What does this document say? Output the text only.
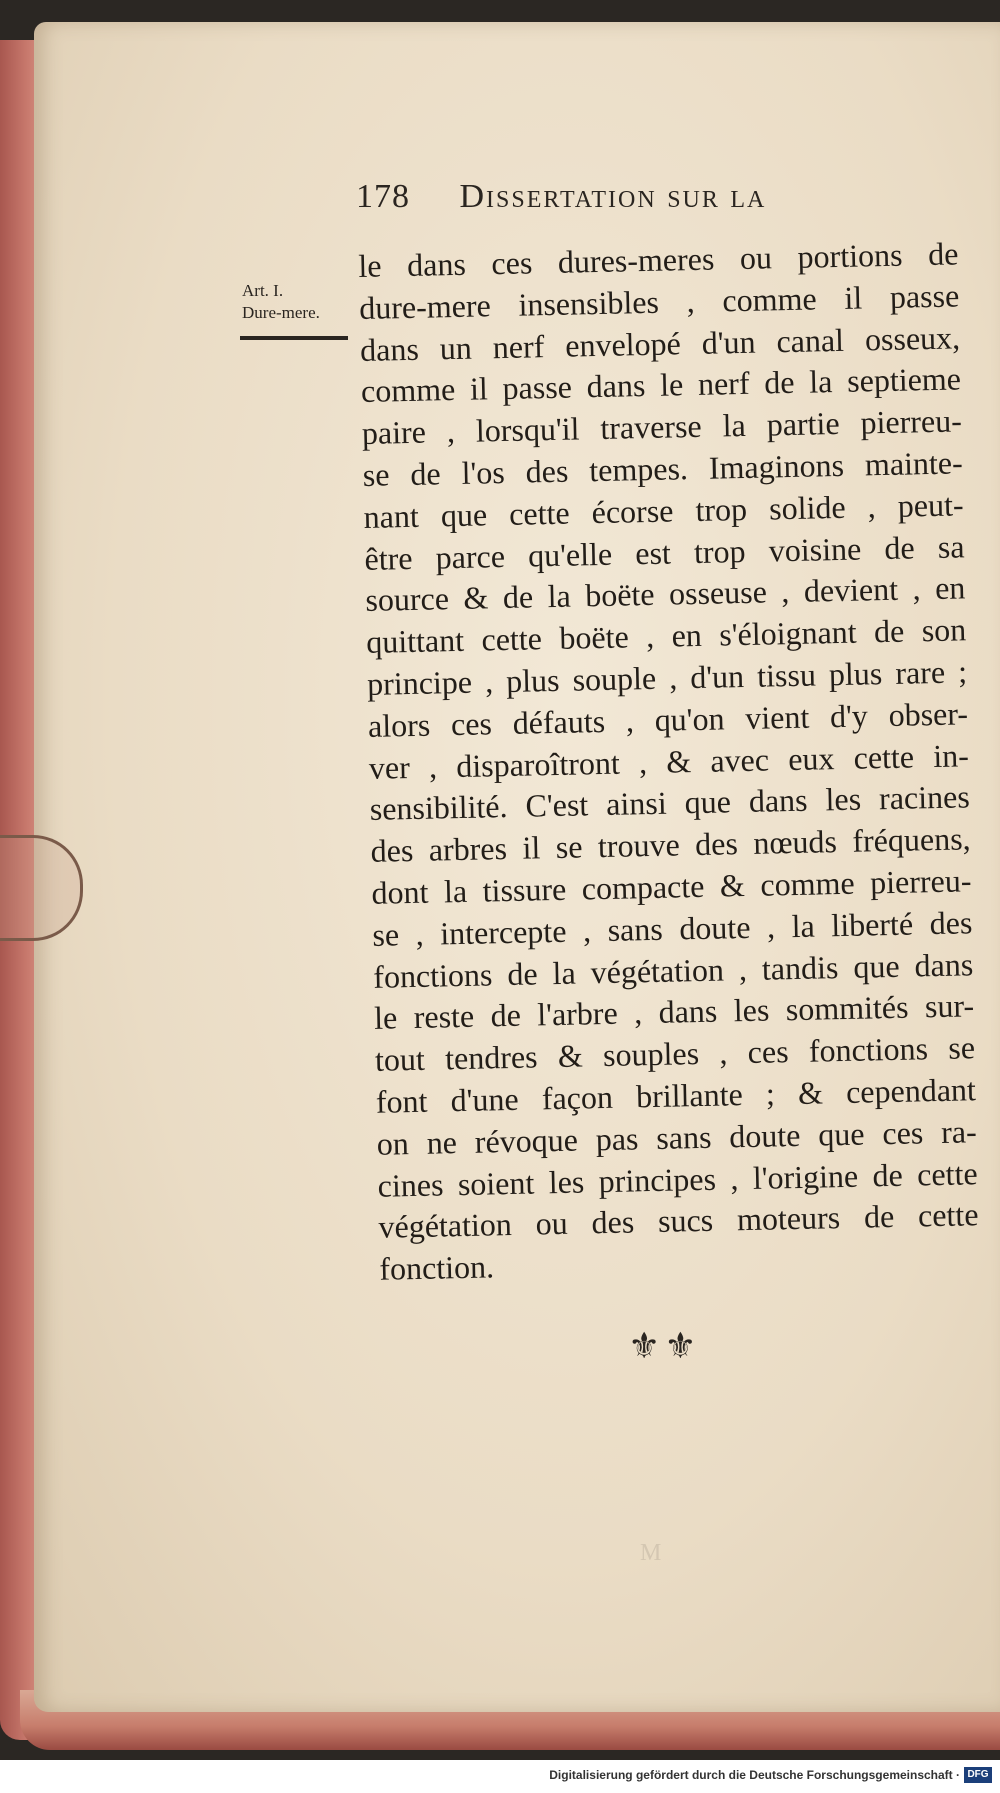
178 Dissertation sur la
Art. I.
Dure-mere.
le dans ces dures-meres ou portions de
dure-mere insensibles , comme il passe
dans un nerf envelopé d'un canal osseux,
comme il passe dans le nerf de la septieme
paire , lorsqu'il traverse la partie pierreu-
se de l'os des tempes. Imaginons mainte-
nant que cette écorse trop solide , peut-
être parce qu'elle est trop voisine de sa
source & de la boëte osseuse , devient , en
quittant cette boëte , en s'éloignant de son
principe , plus souple , d'un tissu plus rare ;
alors ces défauts , qu'on vient d'y obser-
ver , disparoîtront , & avec eux cette in-
sensibilité. C'est ainsi que dans les racines
des arbres il se trouve des nœuds fréquens,
dont la tissure compacte & comme pierreu-
se , intercepte , sans doute , la liberté des
fonctions de la végétation , tandis que dans
le reste de l'arbre , dans les sommités sur-
tout tendres & souples , ces fonctions se
font d'une façon brillante ; & cependant
on ne révoque pas sans doute que ces ra-
cines soient les principes , l'origine de cette
végétation ou des sucs moteurs de cette
fonction.
⚜⚜
M
Digitalisierung gefördert durch die Deutsche Forschungsgemeinschaft · DFG
